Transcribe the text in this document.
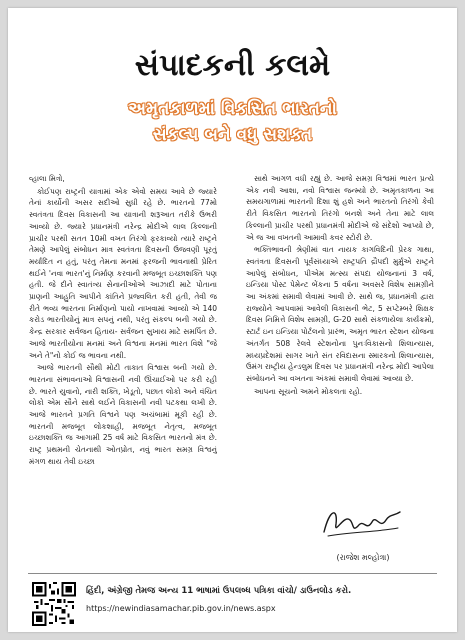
સંપાદકની કલમે
અમૃતકાળમાં વિકસિત ભારતનો
સંકલ્પ બને વધુ સશક્ત

વ્હાલા મિત્રો,

કોઈપણ રાષ્ટ્રની યાત્રામાં એક એવો સમય આવે છે જ્યારે તેનાં કાર્યોની અસર સદીઓ સુધી રહે છે. ભારતનો 77મો સ્વતંત્રતા દિવસ વિકાસની આ યાત્રાની શરૂઆત તરીકે ઉભરી આવ્યો છે. જ્યારે પ્રધાનમંત્રી નરેન્દ્ર મોદીએ લાલ કિલ્લાની પ્રાચીર પરથી સતત 10મી વખત તિરંગો ફરકાવ્યો ત્યારે રાષ્ટ્રને તેમણે આપેલું સંબોધન માત્ર સ્વતંત્રતા દિવસની ઉજવણી પૂરતું મર્યાદિત ન હતું, પરંતુ તેમના મનમાં ફરજની ભાવનાથી પ્રેરિત થઈને 'નવા ભારત'નું નિર્માણ કરવાની મજબૂત ઇચ્છાશક્તિ પણ હતી. જે દીને સ્વાતંત્ર્ય સેનાનીઓએ આઝાદી માટે પોતાના પ્રાણની આહુતિ આપીને કાંતિને પ્રજ્વલિત કરી હતી, તેવી જ રીતે ભવ્ય ભારતના નિર્માણનો પાયો નાખવામાં આવ્યો એ 140 કરોડ ભારતીયોનું માત્ર સપનું નથી, પરંતુ સંકલ્પ બની ગયો છે. કેન્દ્ર સરકાર સર્વજન હિતાય- સર્વજન સુખાય માટે સમર્પિત છે. આજે ભારતીયોના મનમાં અને વિશ્વના મનમાં ભારત વિશે "જે અને તે"નો કોઈ જ ભાવના નથી.

આજે ભારતની સૌથી મોટી તાકાત વિશ્વાસ બની ગયો છે. ભારતના સંભાવનાઓ વિશ્વાસની નવી ઊંચાઈઓ પર કરી રહી છે. ભારતે યુવાનો, નારી શક્તિ, ખેડૂતો, પછાત લોકો અને વંચિત લોકો એમ સૌને સાથે લઈને વિકાસની નવી પટકથા લખી છે. આજે ભારતને પ્રગતિ વિશ્વને પણ અચંબામાં મૂકી રહી છે. ભારતની મજબૂત લોકશાહી, મજબૂત નેતૃત્વ, મજબૂત ઇચ્છાશક્તિ જ આગામી 25 વર્ષ માટે વિકસિત ભારતનો મંત્ર છે. રાષ્ટ્ર પ્રથમની ચેતનાથી ઓતપ્રોત, નવું ભારત સમગ્ર વિશ્વનું મંગળ થાય તેવી ઇચ્છા

સાથે આગળ વધી રહ્યું છે. આજે સમગ્ર વિશ્વમાં ભારત પ્રત્યે એક નવી આશા, નવો વિશ્વાસ જન્મ્યો છે. અમૃતકાળના આ સમયગાળામાં ભારતની દિશા શું હશે અને ભારતનો તિરંગો કેવી રીતે વિકસિત ભારતનો તિરંગો બનશે અને તેના માટે લાલ કિલ્લાની પ્રાચીર પરથી પ્રધાનમંત્રી મોદીએ જે સંદેશો આપ્યો છે, એ જ આ વખતની આમાવી કવર સ્ટોરી છે.

ભક્તિભાવની શ્રેણીમાં વાત નાયક કાગવિદિની પ્રેરક ગાથા, સ્વતંત્રતા દિવસની પૂર્વસંધ્યાએ રાષ્ટ્રપતિ દ્રૌપદી મુર્મુએ રાષ્ટ્રને આપેલું સંબોધન, પીએમ મત્સ્ય સંપદા યોજનાનાં 3 વર્ષ, ઇન્ડિયા પોસ્ટ પેમેન્ટ બેંકના 5 વર્ષના અવસરે વિશેષ સામગ્રીને આ અંકમાં સમાવી લેવામાં આવી છે. સાથે જ, પ્રધાનમંત્રી દ્વારા રાજ્યોને આપવામાં આવેલી વિકાસની ભેટ, 5 સપ્ટેમ્બરે શિક્ષક દિવસ નિમિત્તે વિશેષ સામગ્રી, G-20 સાથે સંકળાયેલા કાર્યક્રમો, સ્ટાર્ટ ઇન ઇન્ડિયા પોર્ટલનો પ્રારંભ, અમૃત ભારત સ્ટેશન યોજના અંતર્ગત 508 રેલવે સ્ટેશનોના પુનઃવિકાસનો શિલાન્યાસ, મધ્યપ્રદેશમાં સાગર ખાતે સંત રવિદાસના સ્મારકનો શિલાન્યાસ, ઉમંગ રાષ્ટ્રીય હેન્ડલુમ દિવસ પર પ્રધાનમંત્રી નરેન્દ્ર મોદી આપેલા સંબોધનને આ વખતના અંકમાં સમાવી લેવામાં આવ્યા છે.

આપના સૂચનો અમને મોકલતા રહો.

(રાજેશ મલ્હોત્રા)
હિંદી, અંગ્રેજી તેમજ અન્ય 11 ભાષામાં ઉપલબ્ધ પત્રિકા વાંચો/ ડાઉનલોડ કરો.
https://newindiasamachar.pib.gov.in/news.aspx
